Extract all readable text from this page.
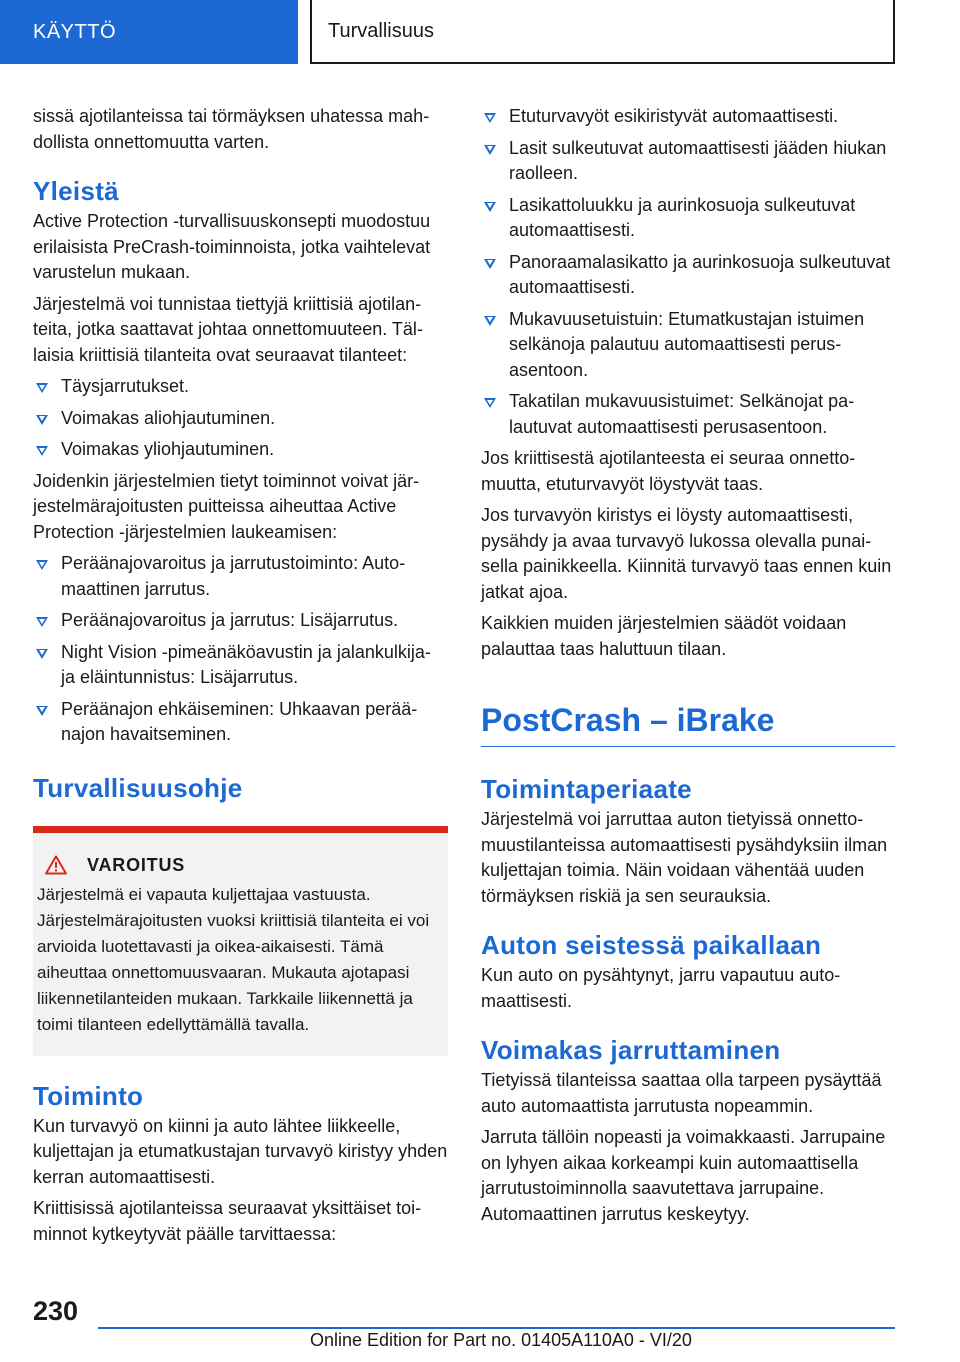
KÄYTTÖ	Turvallisuus

sissä ajotilanteissa tai törmäyksen uhatessa mahdollista onnettomuutta varten.

Yleistä

Active Protection -turvallisuuskonsepti muodostuu erilaisista PreCrash-toiminnoista, jotka vaihtelevat varustelun mukaan.

Järjestelmä voi tunnistaa tiettyjä kriittisiä ajotilanteita, jotka saattavat johtaa onnettomuuteen. Tällaisia kriittisiä tilanteita ovat seuraavat tilanteet:

Täysjarrutukset.
Voimakas aliohjautuminen.
Voimakas yliohjautuminen.

Joidenkin järjestelmien tietyt toiminnot voivat järjestelmärajoitusten puitteissa aiheuttaa Active Protection -järjestelmien laukeamisen:

Peräänajovaroitus ja jarrutustoiminto: Automaattinen jarrutus.
Peräänajovaroitus ja jarrutus: Lisäjarrutus.
Night Vision -pimeänäköavustin ja jalankulkija- ja eläintunnistus: Lisäjarrutus.
Peräänajon ehkäiseminen: Uhkaavan peräänajon havaitseminen.
Turvallisuusohje
VAROITUS

Järjestelmä ei vapauta kuljettajaa vastuusta. Järjestelmärajoitusten vuoksi kriittisiä tilanteita ei voi arvioida luotettavasti ja oikea-aikaisesti. Tämä aiheuttaa onnettomuusvaaran. Mukauta ajotapasi liikennetilanteiden mukaan. Tarkkaile liikennettä ja toimi tilanteen edellyttämällä tavalla.

Toiminto

Kun turvavyö on kiinni ja auto lähtee liikkeelle, kuljettajan ja etumatkustajan turvavyö kiristyy yhden kerran automaattisesti.

Kriittisissä ajotilanteissa seuraavat yksittäiset toiminnot kytkeytyvät päälle tarvittaessa:

Etuturvavyöt esikiristyvät automaattisesti.
Lasit sulkeutuvat automaattisesti jääden hiukan raolleen.
Lasikattoluukku ja aurinkosuoja sulkeutuvat automaattisesti.
Panoraamalasikatto ja aurinkosuoja sulkeutuvat automaattisesti.
Mukavuusetuistuin: Etumatkustajan istuimen selkänoja palautuu automaattisesti perusasentoon.
Takatilan mukavuusistuimet: Selkänojat palautuvat automaattisesti perusasentoon.

Jos kriittisestä ajotilanteesta ei seuraa onnettomuutta, etuturvavyöt löystyvät taas.

Jos turvavyön kiristys ei löysty automaattisesti, pysähdy ja avaa turvavyö lukossa olevalla punaisella painikkeella. Kiinnitä turvavyö taas ennen kuin jatkat ajoa.

Kaikkien muiden järjestelmien säädöt voidaan palauttaa taas haluttuun tilaan.

PostCrash – iBrake
Toimintaperiaate

Järjestelmä voi jarruttaa auton tietyissä onnettomuustilanteissa automaattisesti pysähdyksiin ilman kuljettajan toimia. Näin voidaan vähentää uuden törmäyksen riskiä ja sen seurauksia.

Auton seistessä paikallaan

Kun auto on pysähtynyt, jarru vapautuu automaattisesti.

Voimakas jarruttaminen

Tietyissä tilanteissa saattaa olla tarpeen pysäyttää auto automaattista jarrutusta nopeammin.

Jarruta tällöin nopeasti ja voimakkaasti. Jarrupaine on lyhyen aikaa korkeampi kuin automaattisella jarrutustoiminnolla saavutettava jarrupaine. Automaattinen jarrutus keskeytyy.

230
Online Edition for Part no. 01405A110A0 - VI/20
